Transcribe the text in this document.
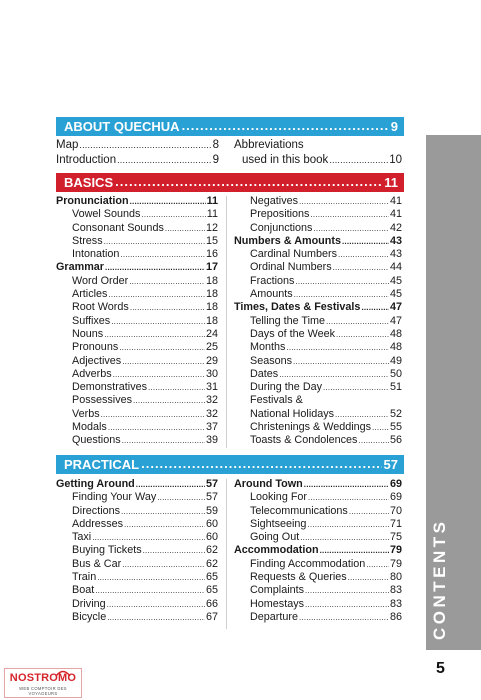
ABOUT QUECHUA .....	9
Map .....	8
Introduction .....	9
Abbreviations
used in this book .....	10
BASICS .....	11
Pronunciation .....	11
Vowel Sounds .....	11
Consonant Sounds .....	12
Stress .....	15
Intonation .....	16
Grammar .....	17
Word Order .....	18
Articles .....	18
Root Words .....	18
Suffixes .....	18
Nouns .....	24
Pronouns .....	25
Adjectives .....	29
Adverbs .....	30
Demonstratives .....	31
Possessives .....	32
Verbs .....	32
Modals .....	37
Questions .....	39
Negatives .....	41
Prepositions .....	41
Conjunctions .....	42
Numbers & Amounts .....	43
Cardinal Numbers .....	43
Ordinal Numbers .....	44
Fractions .....	45
Amounts .....	45
Times, Dates & Festivals .....	47
Telling the Time .....	47
Days of the Week .....	48
Months .....	48
Seasons .....	49
Dates .....	50
During the Day .....	51
Festivals &
National Holidays .....	52
Christenings & Weddings ..... 55
Toasts & Condolences .....	56
PRACTICAL .....	57
Getting Around .....	57
Finding Your Way .....	57
Directions .....	59
Addresses .....	60
Taxi .....	60
Buying Tickets .....	62
Bus & Car .....	62
Train .....	65
Boat .....	65
Driving .....	66
Bicycle .....	67
Around Town .....	69
Looking For .....	69
Telecommunications .....	70
Sightseeing .....	71
Going Out .....	75
Accommodation .....	79
Finding Accommodation ..... 79
Requests & Queries .....	80
Complaints .....	83
Homestays .....	83
Departure .....	86 CONTENTS
5
NOSTROMO
WEB COMPTOIR DES VOYAGEURS
